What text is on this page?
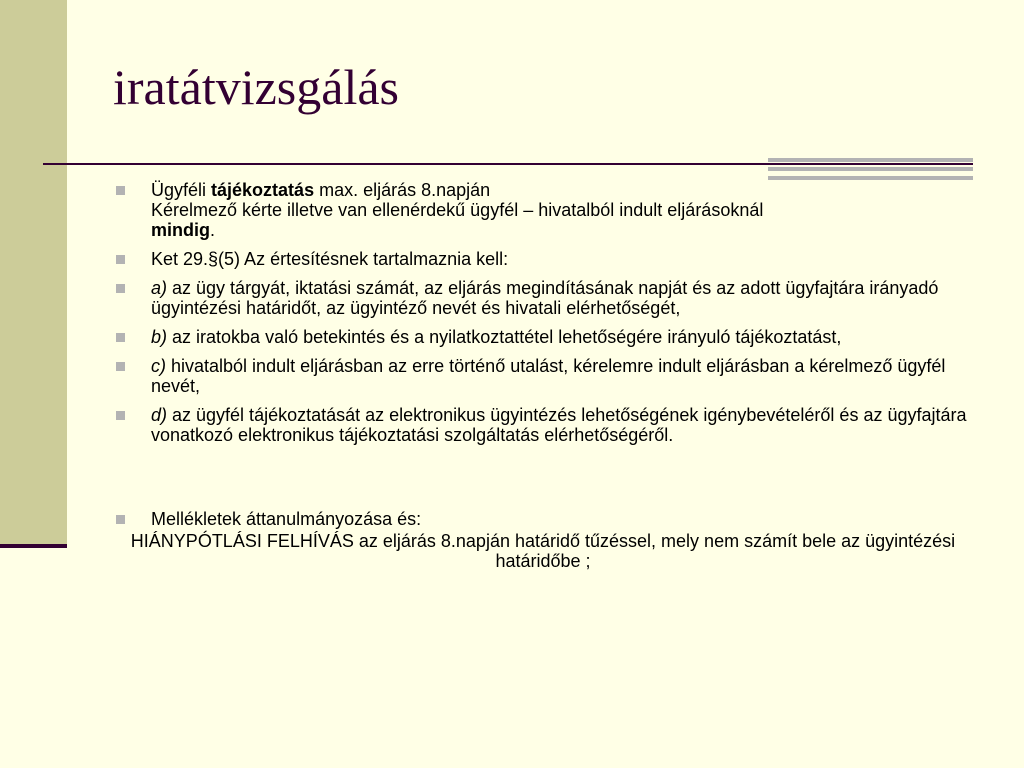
iratátvizsgálás
Ügyféli tájékoztatás max. eljárás 8.napján
Kérelmező kérte illetve van ellenérdekű ügyfél – hivatalból indult eljárásoknál
mindig.
Ket 29.§(5) Az értesítésnek tartalmaznia kell:
a) az ügy tárgyát, iktatási számát, az eljárás megindításának napját és az adott ügyfajtára irányadó ügyintézési határidőt, az ügyintéző nevét és hivatali elérhetőségét,
b) az iratokba való betekintés és a nyilatkoztattétel lehetőségére irányuló tájékoztatást,
c) hivatalból indult eljárásban az erre történő utalást, kérelemre indult eljárásban a kérelmező ügyfél nevét,
d) az ügyfél tájékoztatását az elektronikus ügyintézés lehetőségének igénybevételéről és az ügyfajtára vonatkozó elektronikus tájékoztatási szolgáltatás elérhetőségéről.
Mellékletek áttanulmányozása és:
HIÁNYPÓTLÁSI FELHÍVÁS az eljárás 8.napján határidő tűzéssel, mely nem számít bele az ügyintézési határidőbe ;
